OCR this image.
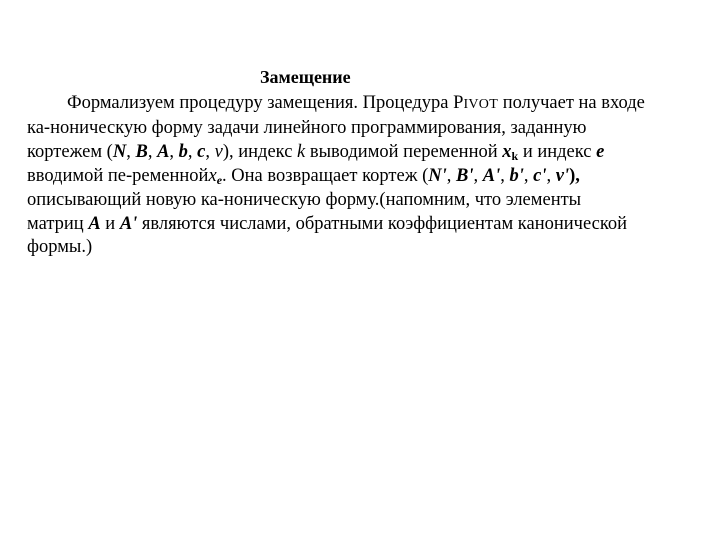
Замещение
Формализуем процедуру замещения. Процедура PIVOT получает на входе
ка-ноническую форму задачи линейного программирования, заданную
кортежем (N, B, A, b, c, v), индекс k выводимой переменной $x_k$ и индекс e
вводимой пе-ременнойx$_e$. Она возвращает кортеж (N', B', A', b', c', v'),
описывающий новую ка-ноническую форму.(напомним, что элементы
матриц A и A' являются числами, обратными коэффициентам канонической
формы.)
